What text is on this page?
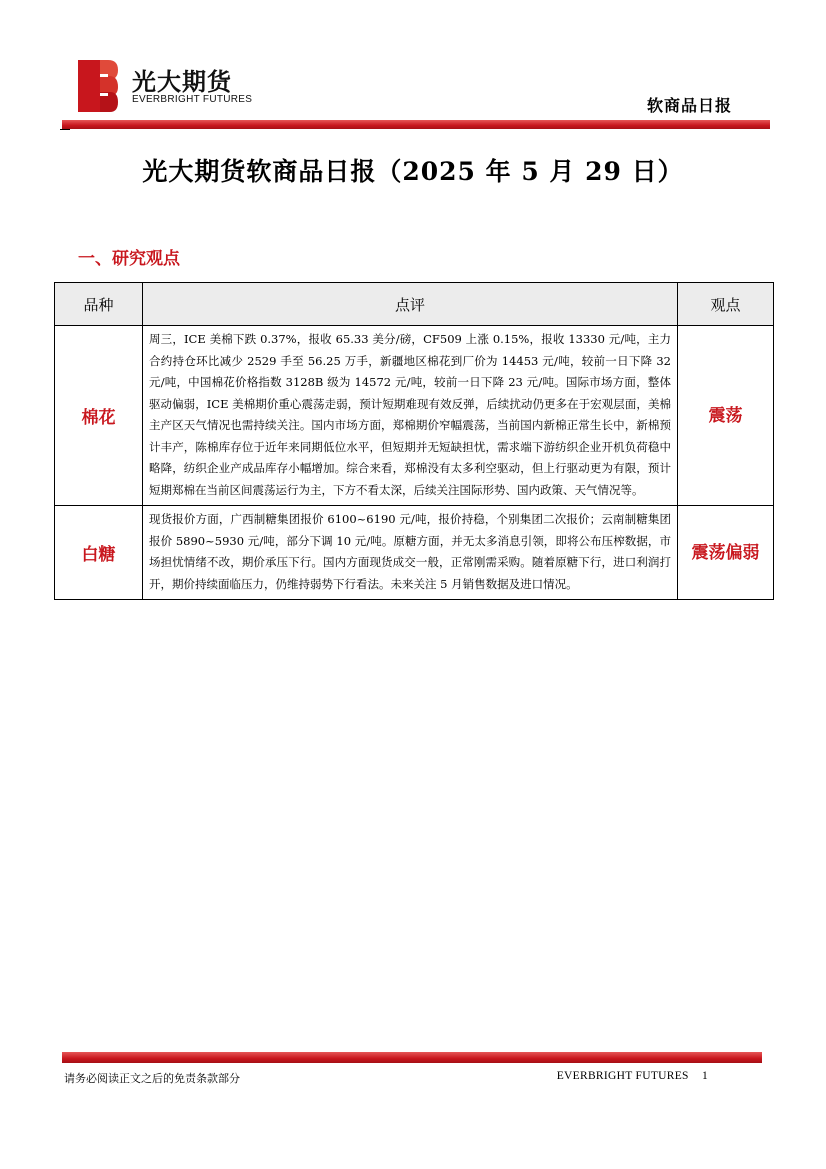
光大期货
EVERBRIGHT FUTURES	软商品日报
光大期货软商品日报（2025 年 5 月 29 日）
一、研究观点
品种	点评	观点
棉花	周三，ICE 美棉下跌 0.37%，报收 65.33 美分/磅，CF509 上涨 0.15%，报收 13330 元/吨，主力合约持仓环比减少 2529 手至 56.25 万手，新疆地区棉花到厂价为 14453 元/吨，较前一日下降 32 元/吨，中国棉花价格指数 3128B 级为 14572 元/吨，较前一日下降 23 元/吨。国际市场方面，整体驱动偏弱，ICE 美棉期价重心震荡走弱，预计短期难现有效反弹，后续扰动仍更多在于宏观层面，美棉主产区天气情况也需持续关注。国内市场方面，郑棉期价窄幅震荡，当前国内新棉正常生长中，新棉预计丰产，陈棉库存位于近年来同期低位水平，但短期并无短缺担忧，需求端下游纺织企业开机负荷稳中略降，纺织企业产成品库存小幅增加。综合来看，郑棉没有太多利空驱动，但上行驱动更为有限，预计短期郑棉在当前区间震荡运行为主，下方不看太深，后续关注国际形势、国内政策、天气情况等。	震荡
白糖	现货报价方面，广西制糖集团报价 6100~6190 元/吨，报价持稳，个别集团二次报价；云南制糖集团报价 5890~5930 元/吨，部分下调 10 元/吨。原糖方面，并无太多消息引领，即将公布压榨数据，市场担忧情绪不改，期价承压下行。国内方面现货成交一般，正常刚需采购。随着原糖下行，进口利润打开，期价持续面临压力，仍维持弱势下行看法。未来关注 5 月销售数据及进口情况。	震荡偏弱
请务必阅读正文之后的免责条款部分	EVERBRIGHT FUTURES 1
